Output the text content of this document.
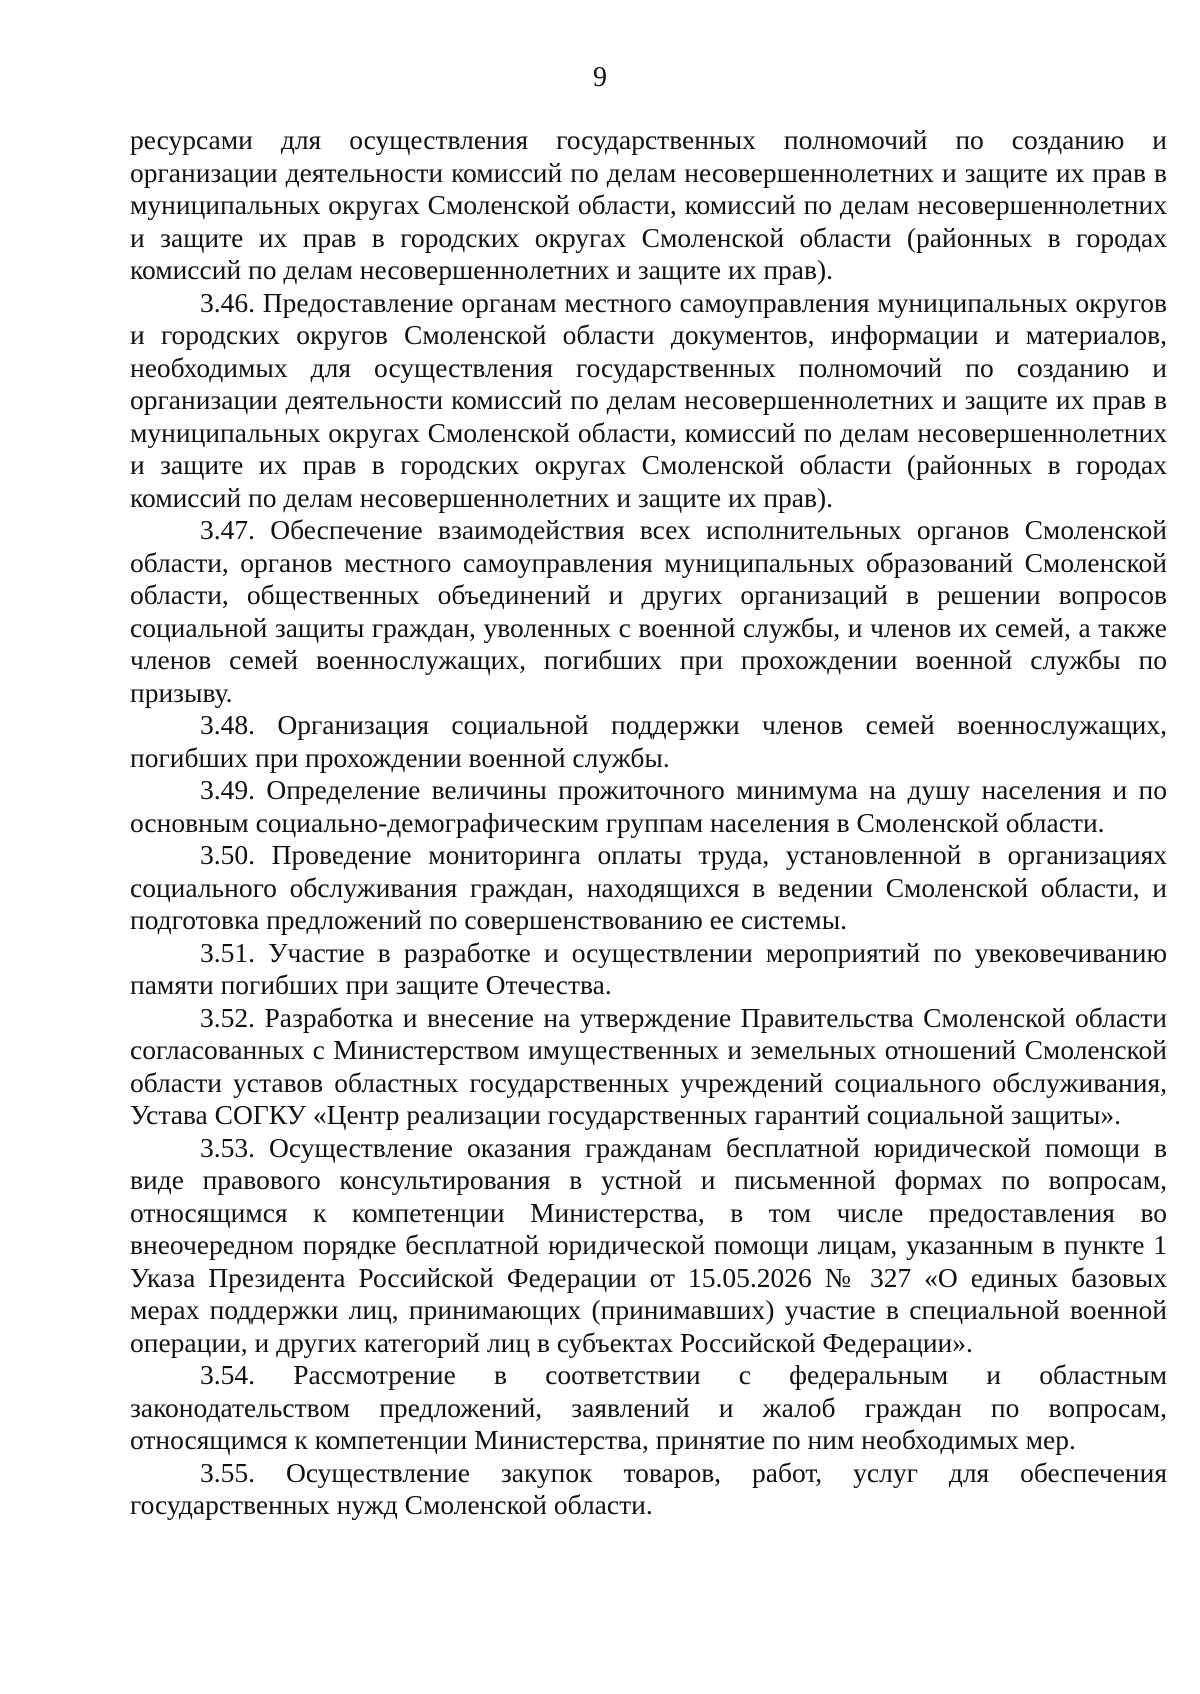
9

ресурсами для осуществления государственных полномочий по созданию и организации деятельности комиссий по делам несовершеннолетних и защите их прав в муниципальных округах Смоленской области, комиссий по делам несовершеннолетних и защите их прав в городских округах Смоленской области (районных в городах комиссий по делам несовершеннолетних и защите их прав).

3.46. Предоставление органам местного самоуправления муниципальных округов и городских округов Смоленской области документов, информации и материалов, необходимых для осуществления государственных полномочий по созданию и организации деятельности комиссий по делам несовершеннолетних и защите их прав в муниципальных округах Смоленской области, комиссий по делам несовершеннолетних и защите их прав в городских округах Смоленской области (районных в городах комиссий по делам несовершеннолетних и защите их прав).

3.47. Обеспечение взаимодействия всех исполнительных органов Смоленской области, органов местного самоуправления муниципальных образований Смоленской области, общественных объединений и других организаций в решении вопросов социальной защиты граждан, уволенных с военной службы, и членов их семей, а также членов семей военнослужащих, погибших при прохождении военной службы по призыву.

3.48. Организация социальной поддержки членов семей военнослужащих, погибших при прохождении военной службы.

3.49. Определение величины прожиточного минимума на душу населения и по основным социально-демографическим группам населения в Смоленской области.

3.50. Проведение мониторинга оплаты труда, установленной в организациях социального обслуживания граждан, находящихся в ведении Смоленской области, и подготовка предложений по совершенствованию ее системы.

3.51. Участие в разработке и осуществлении мероприятий по увековечиванию памяти погибших при защите Отечества.

3.52. Разработка и внесение на утверждение Правительства Смоленской области согласованных с Министерством имущественных и земельных отношений Смоленской области уставов областных государственных учреждений социального обслуживания, Устава СОГКУ «Центр реализации государственных гарантий социальной защиты».

3.53. Осуществление оказания гражданам бесплатной юридической помощи в виде правового консультирования в устной и письменной формах по вопросам, относящимся к компетенции Министерства, в том числе предоставления во внеочередном порядке бесплатной юридической помощи лицам, указанным в пункте 1 Указа Президента Российской Федерации от 15.05.2026 № 327 «О единых базовых мерах поддержки лиц, принимающих (принимавших) участие в специальной военной операции, и других категорий лиц в субъектах Российской Федерации».

3.54. Рассмотрение в соответствии с федеральным и областным законодательством предложений, заявлений и жалоб граждан по вопросам, относящимся к компетенции Министерства, принятие по ним необходимых мер.

3.55. Осуществление закупок товаров, работ, услуг для обеспечения государственных нужд Смоленской области.
